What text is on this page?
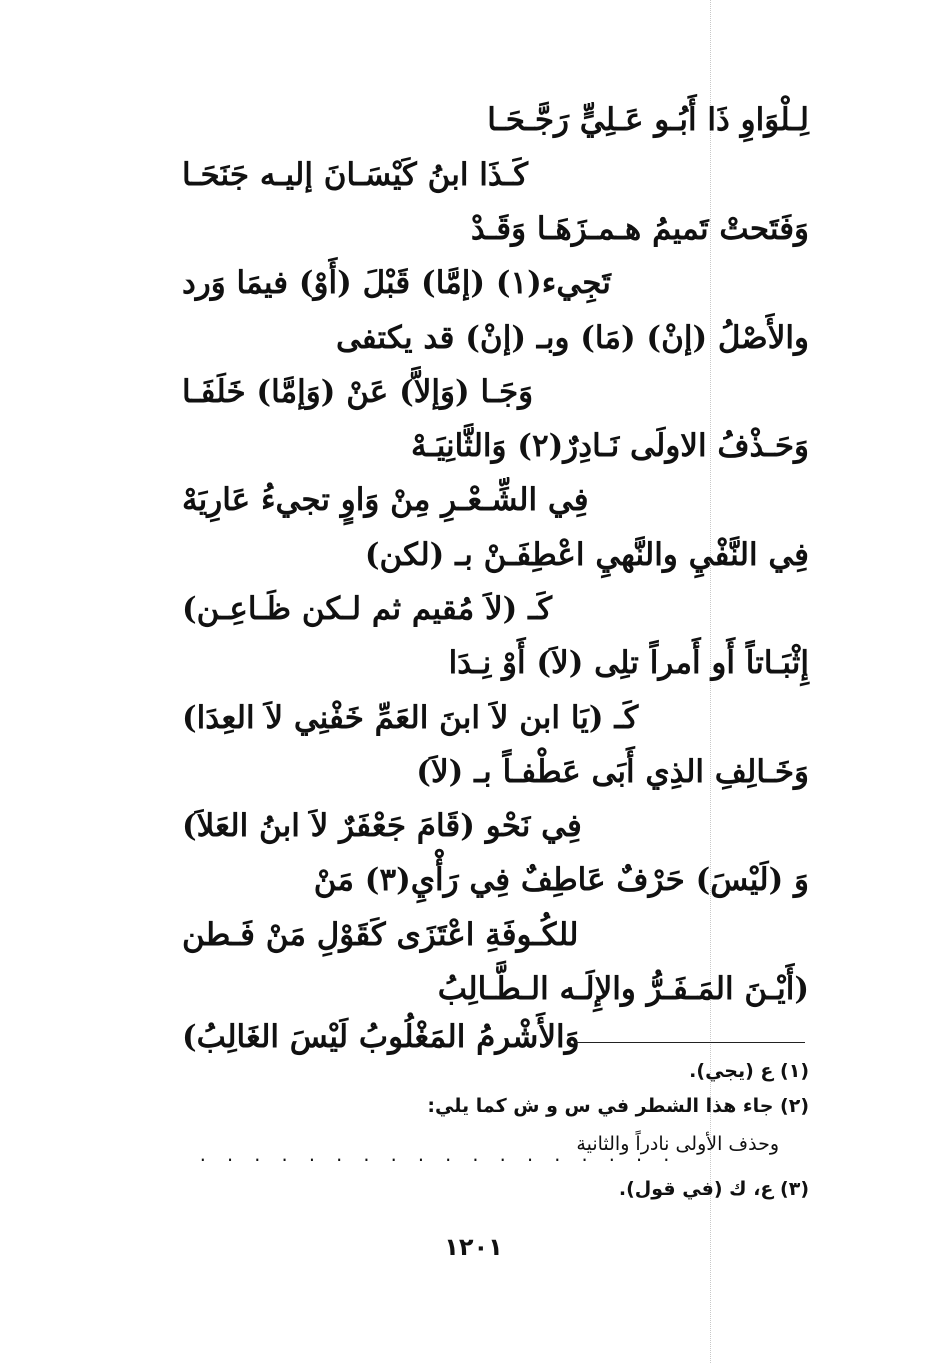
لِـلْوَاوِ ذَا أَبُـو عَـلِيٍّ رَجَّـحَـا
كَـذَا ابنُ كَيْسَـانَ إليـه جَنَحَـا
وَفَتَحتْ تَميمُ هـمـزَهَـا وَقَـدْ
تَجِيء(١) (إمَّا) قَبْلَ (أَوْ) فيمَا وَرد
والأَصْلُ (إنْ) (مَا) وبـ (إنْ) قد يكتفى
وَجَـا (وَإلاَّ) عَنْ (وَإمَّا) خَلَفَـا
وَحَـذْفُ الاولَى نَـادِرٌ(٢) وَالثَّانِيَـهْ
فِي الشِّـعْـرِ مِنْ وَاوٍ تجيءُ عَارِيَهْ
فِي النَّفْيِ والنَّهيِ اعْطِفَـنْ بـ (لكن)
كَـ (لاَ مُقيم ثم لـكن ظَـاعِـن)
إِثْبَـاتاً أَو أَمراً تلِى (لاَ) أَوْ نِـدَا
كَـ (يَا ابن لاَ ابنَ العَمِّ خَفْنِي لاَ العِدَا)
وَخَـالِفِ الذِي أَبَى عَطْفـاً بـ (لاَ)
فِي نَحْو (قَامَ جَعْفَرٌ لاَ ابنُ العَلاَ)
وَ (لَيْسَ) حَرْفٌ عَاطِفٌ فِي رَأْيِ(٣) مَنْ
للكُـوفَةِ اعْتَزَى كَقَوْلِ مَنْ فَـطن
(أَيْـنَ المَـفَـرُّ والإِلَـه الـطَّـالِبُ
وَالأَشْرمُ المَغْلُوبُ لَيْسَ الغَالِبُ)
(١) ع (يجي).
(٢) جاء هذا الشطر في س و ش كما يلي:
وحذف الأولى نادراً والثانية
. . . . . . . . . . . . . . . . . .
(٣) ع، ك (في قول).
١٢٠١
